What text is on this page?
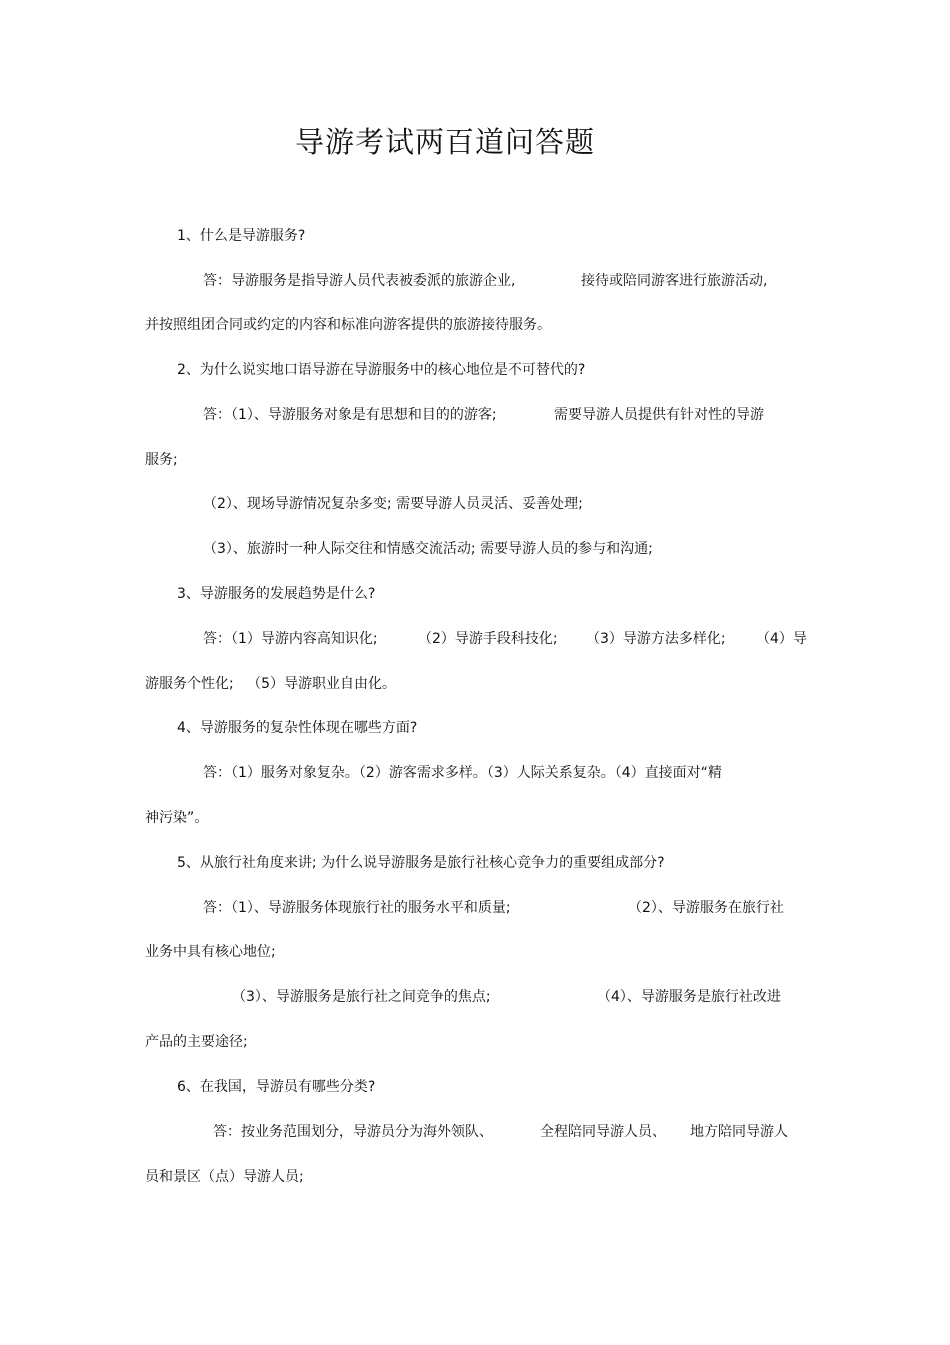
导游考试两百道问答题
1、什么是导游服务?
答：导游服务是指导游人员代表被委派的旅游企业,	接待或陪同游客进行旅游活动,
并按照组团合同或约定的内容和标准向游客提供的旅游接待服务。
2、为什么说实地口语导游在导游服务中的核心地位是不可替代的?
答：（1）、导游服务对象是有思想和目的的游客;	需要导游人员提供有针对性的导游
服务;
（2）、现场导游情况复杂多变; 需要导游人员灵活、妥善处理;
（3）、旅游时一种人际交往和情感交流活动; 需要导游人员的参与和沟通;
3、导游服务的发展趋势是什么?
答：（1）导游内容高知识化;	（2）导游手段科技化; （3）导游方法多样化; （4）导
游服务个性化;   （5）导游职业自由化。
4、导游服务的复杂性体现在哪些方面?
答：（1）服务对象复杂。（2）游客需求多样。（3）人际关系复杂。（4）直接面对“精
神污染”。
5、从旅行社角度来讲; 为什么说导游服务是旅行社核心竞争力的重要组成部分?
答：（1）、导游服务体现旅行社的服务水平和质量;	（2）、导游服务在旅行社
业务中具有核心地位;
（3）、导游服务是旅行社之间竞争的焦点;	（4）、导游服务是旅行社改进
产品的主要途径;
6、在我国，导游员有哪些分类?
答：按业务范围划分，导游员分为海外领队、	全程陪同导游人员、 地方陪同导游人
员和景区（点）导游人员;
